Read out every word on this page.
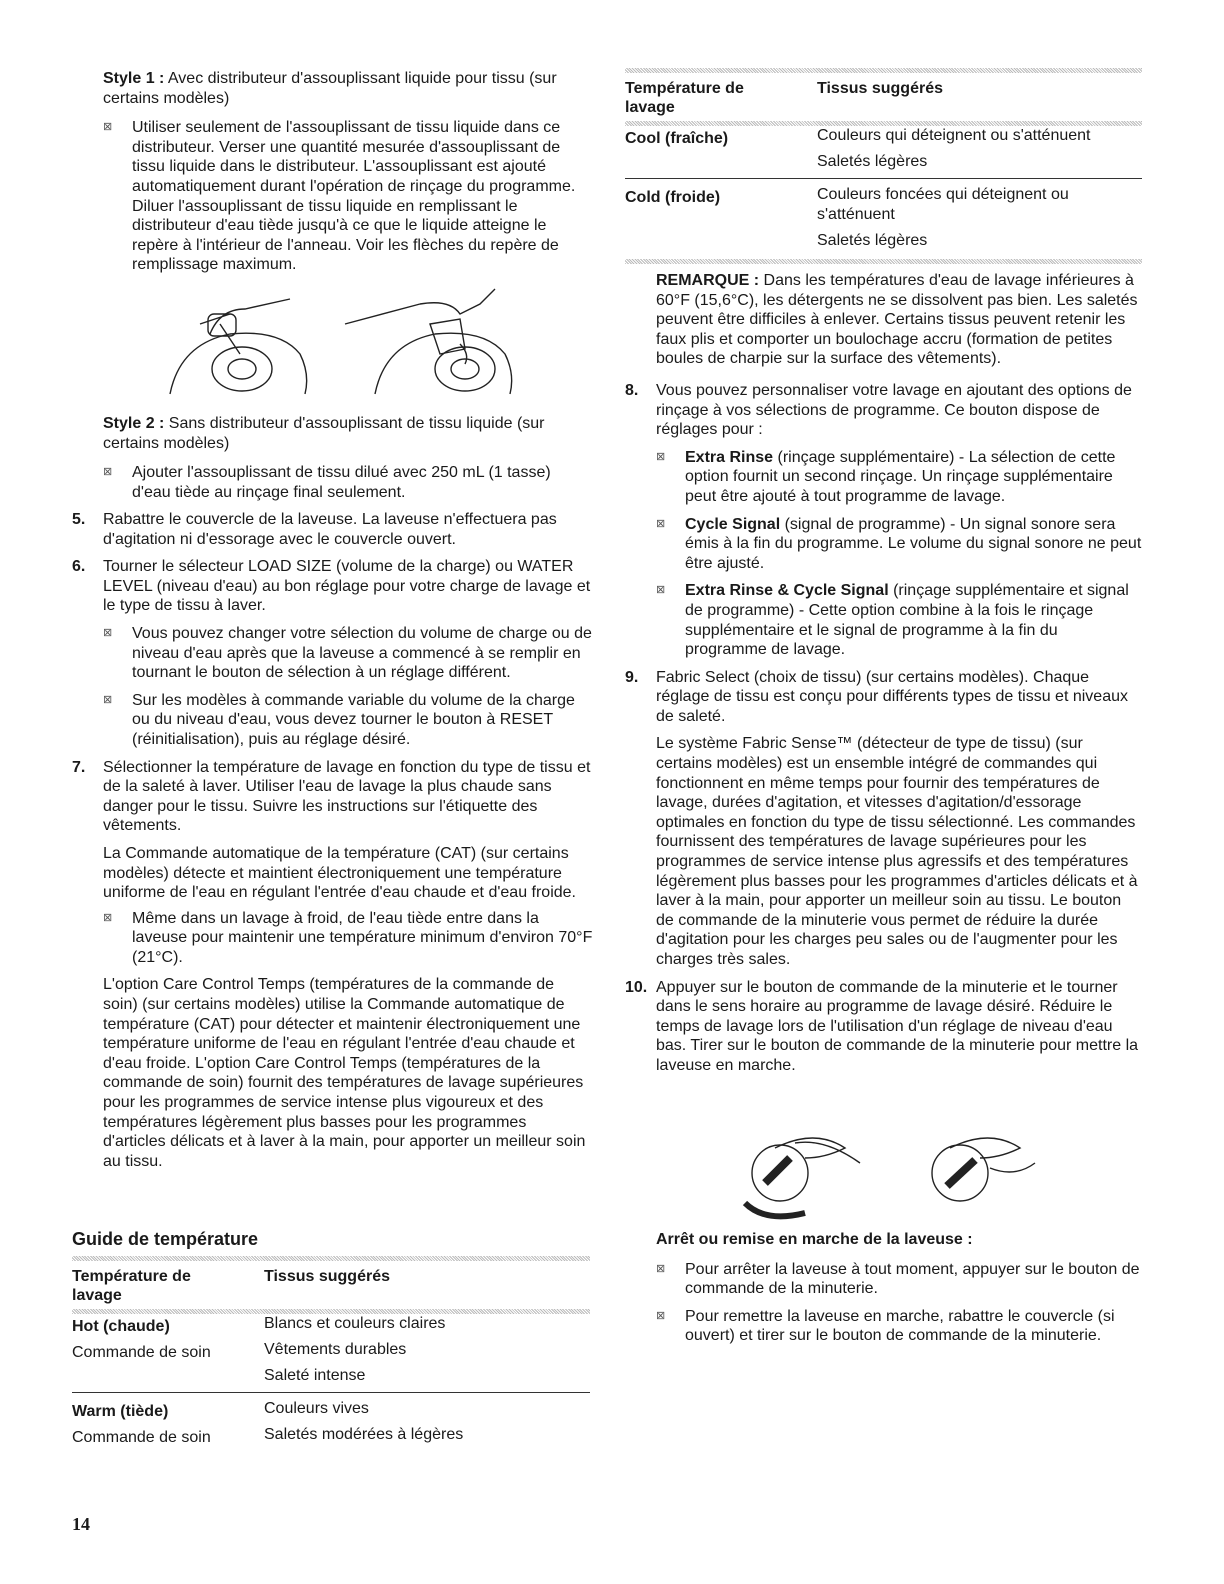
Style 1 : Avec distributeur d'assouplissant liquide pour tissu (sur certains modèles)

⊠ Utiliser seulement de l'assouplissant de tissu liquide dans ce distributeur. Verser une quantité mesurée d'assouplissant de tissu liquide dans le distributeur. L'assouplissant est ajouté automatiquement durant l'opération de rinçage du programme. Diluer l'assouplissant de tissu liquide en remplissant le distributeur d'eau tiède jusqu'à ce que le liquide atteigne le repère à l'intérieur de l'anneau. Voir les flèches du repère de remplissage maximum.

Style 2 : Sans distributeur d'assouplissant de tissu liquide (sur certains modèles)

⊠ Ajouter l'assouplissant de tissu dilué avec 250 mL (1 tasse) d'eau tiède au rinçage final seulement.
5. Rabattre le couvercle de la laveuse. La laveuse n'effectuera pas d'agitation ni d'essorage avec le couvercle ouvert.
6. Tourner le sélecteur LOAD SIZE (volume de la charge) ou WATER LEVEL (niveau d'eau) au bon réglage pour votre charge de lavage et le type de tissu à laver.
⊠ Vous pouvez changer votre sélection du volume de charge ou de niveau d'eau après que la laveuse a commencé à se remplir en tournant le bouton de sélection à un réglage différent.
⊠ Sur les modèles à commande variable du volume de la charge ou du niveau d'eau, vous devez tourner le bouton à RESET (réinitialisation), puis au réglage désiré.
7. Sélectionner la température de lavage en fonction du type de tissu et de la saleté à laver. Utiliser l'eau de lavage la plus chaude sans danger pour le tissu. Suivre les instructions sur l'étiquette des vêtements.

La Commande automatique de la température (CAT) (sur certains modèles) détecte et maintient électroniquement une température uniforme de l'eau en régulant l'entrée d'eau chaude et d'eau froide.

⊠ Même dans un lavage à froid, de l'eau tiède entre dans la laveuse pour maintenir une température minimum d'environ 70°F (21°C).

L'option Care Control Temps (températures de la commande de soin) (sur certains modèles) utilise la Commande automatique de température (CAT) pour détecter et maintenir électroniquement une température uniforme de l'eau en régulant l'entrée d'eau chaude et d'eau froide. L'option Care Control Temps (températures de la commande de soin) fournit des températures de lavage supérieures pour les programmes de service intense plus vigoureux et des températures légèrement plus basses pour les programmes d'articles délicats et à laver à la main, pour apporter un meilleur soin au tissu.

Guide de température
Température de lavage	Tissus suggérés
Hot (chaude)	Blancs et couleurs claires
Commande de soin	Vêtements durables
	Saleté intense
Warm (tiède)	Couleurs vives
Commande de soin	Saletés modérées à légères
14
Température de lavage	Tissus suggérés
Cool (fraîche)	Couleurs qui déteignent ou s'atténuent
	Saletés légères
Cold (froide)	Couleurs foncées qui déteignent ou s'atténuent
	Saletés légères

REMARQUE : Dans les températures d'eau de lavage inférieures à 60°F (15,6°C), les détergents ne se dissolvent pas bien. Les saletés peuvent être difficiles à enlever. Certains tissus peuvent retenir les faux plis et comporter un boulochage accru (formation de petites boules de charpie sur la surface des vêtements).

8. Vous pouvez personnaliser votre lavage en ajoutant des options de rinçage à vos sélections de programme. Ce bouton dispose de réglages pour :
⊠ Extra Rinse (rinçage supplémentaire) - La sélection de cette option fournit un second rinçage. Un rinçage supplémentaire peut être ajouté à tout programme de lavage.
⊠ Cycle Signal (signal de programme) - Un signal sonore sera émis à la fin du programme. Le volume du signal sonore ne peut être ajusté.
⊠ Extra Rinse & Cycle Signal (rinçage supplémentaire et signal de programme) - Cette option combine à la fois le rinçage supplémentaire et le signal de programme à la fin du programme de lavage.
9. Fabric Select (choix de tissu) (sur certains modèles). Chaque réglage de tissu est conçu pour différents types de tissu et niveaux de saleté.

Le système Fabric Sense™ (détecteur de type de tissu) (sur certains modèles) est un ensemble intégré de commandes qui fonctionnent en même temps pour fournir des températures de lavage, durées d'agitation, et vitesses d'agitation/d'essorage optimales en fonction du type de tissu sélectionné. Les commandes fournissent des températures de lavage supérieures pour les programmes de service intense plus agressifs et des températures légèrement plus basses pour les programmes d'articles délicats et à laver à la main, pour apporter un meilleur soin au tissu. Le bouton de commande de la minuterie vous permet de réduire la durée d'agitation pour les charges peu sales ou de l'augmenter pour les charges très sales.

10. Appuyer sur le bouton de commande de la minuterie et le tourner dans le sens horaire au programme de lavage désiré. Réduire le temps de lavage lors de l'utilisation d'un réglage de niveau d'eau bas. Tirer sur le bouton de commande de la minuterie pour mettre la laveuse en marche.
Arrêt ou remise en marche de la laveuse :
⊠ Pour arrêter la laveuse à tout moment, appuyer sur le bouton de commande de la minuterie.
⊠ Pour remettre la laveuse en marche, rabattre le couvercle (si ouvert) et tirer sur le bouton de commande de la minuterie.
